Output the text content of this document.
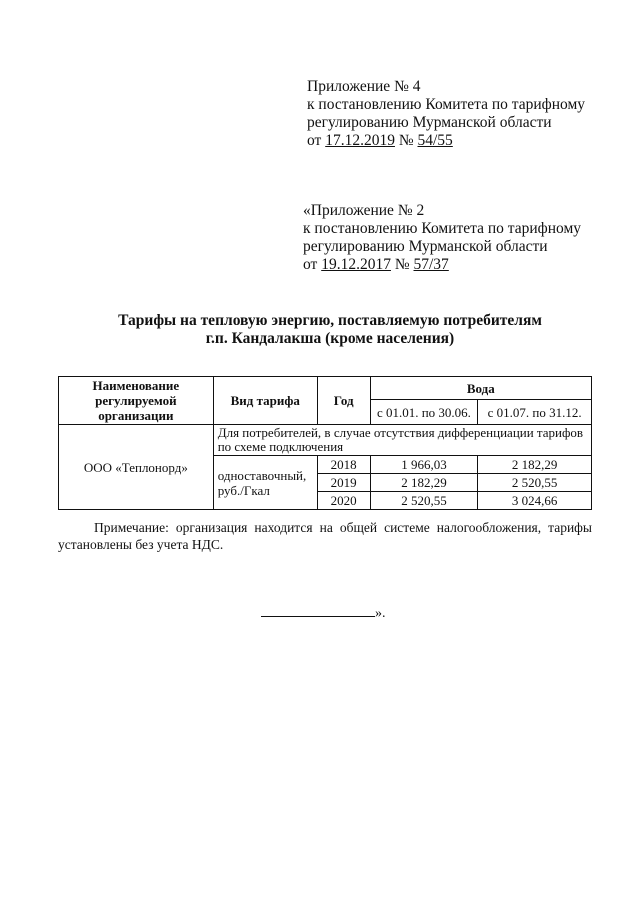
Приложение № 4
к постановлению Комитета по тарифному
регулированию Мурманской области
от 17.12.2019 № 54/55
«Приложение № 2
к постановлению Комитета по тарифному
регулированию Мурманской области
от 19.12.2017 № 57/37
Тарифы на тепловую энергию, поставляемую потребителям
г.п. Кандалакша (кроме населения)
Наименование регулируемой организации	Вид тарифа	Год	Вода	
			с 01.01. по 30.06.	с 01.07. по 31.12.
ООО «Теплонорд»	Для потребителей, в случае отсутствия дифференциации тарифов по схеме подключения			
	одноставочный, руб./Гкал	2018	1 966,03	2 182,29
		2019	2 182,29	2 520,55
		2020	2 520,55	3 024,66
Примечание: организация находится на общей системе налогообложения, тарифы установлены без учета НДС.
».
